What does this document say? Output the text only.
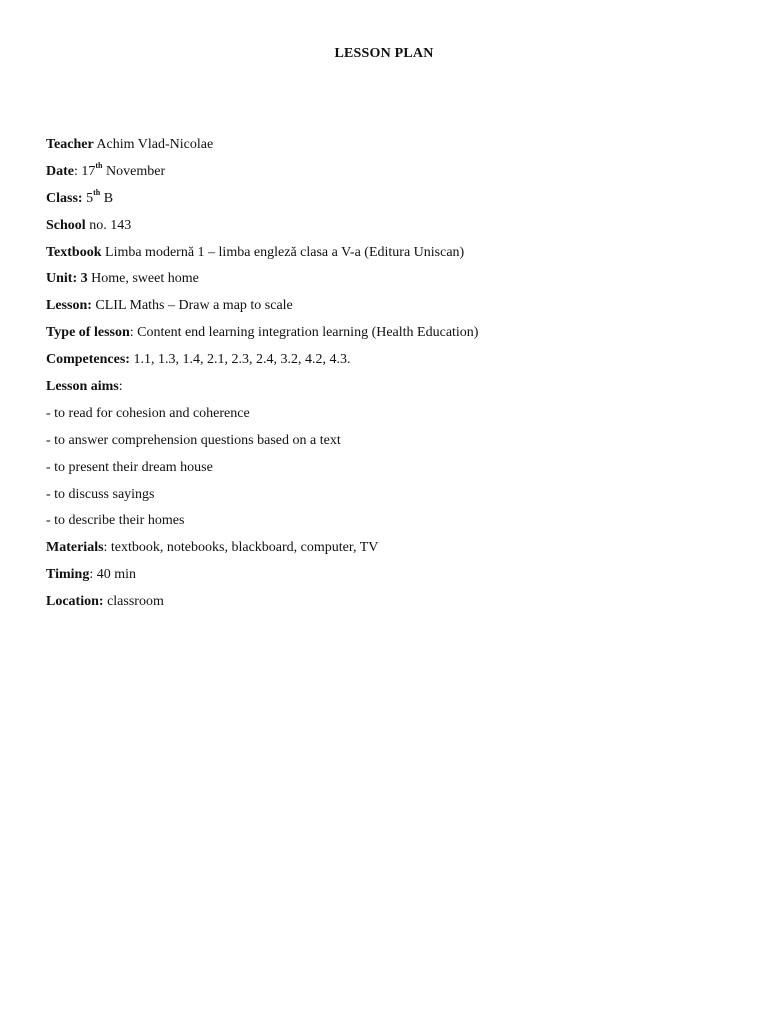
LESSON PLAN
Teacher Achim Vlad-Nicolae
Date: 17th November
Class: 5th B
School no. 143
Textbook Limba modernă 1 – limba engleză clasa a V-a (Editura Uniscan)
Unit: 3 Home, sweet home
Lesson: CLIL Maths – Draw a map to scale
Type of lesson: Content end learning integration learning (Health Education)
Competences: 1.1, 1.3, 1.4, 2.1, 2.3, 2.4, 3.2, 4.2, 4.3.
Lesson aims:
- to read for cohesion and coherence
- to answer comprehension questions based on a text
- to present their dream house
- to discuss sayings
- to describe their homes
Materials: textbook, notebooks, blackboard, computer, TV
Timing: 40 min
Location: classroom
